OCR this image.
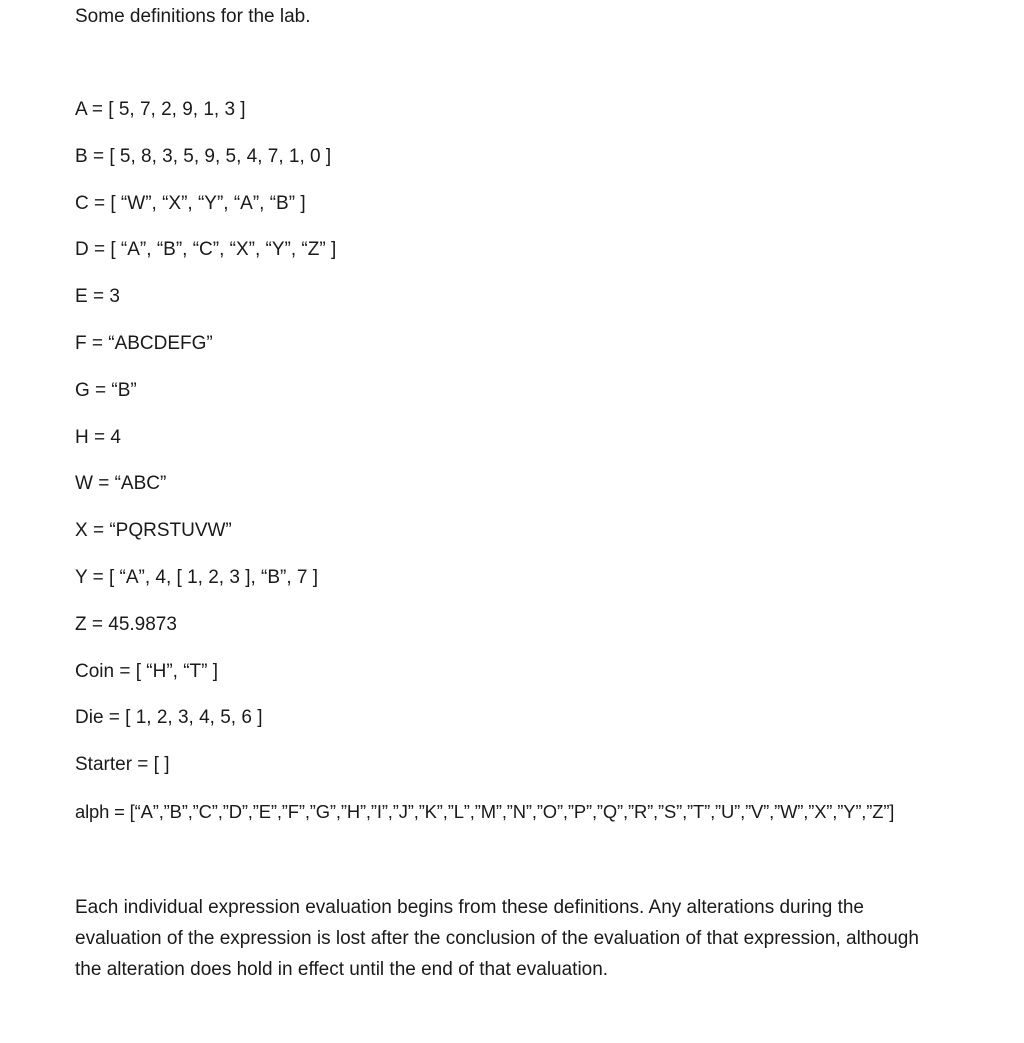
Some definitions for the lab.
A = [ 5, 7, 2, 9, 1, 3 ]
B = [ 5, 8, 3, 5, 9, 5, 4, 7, 1, 0 ]
C = [ “W”, “X”, “Y”, “A”, “B” ]
D = [ “A”, “B”, “C”, “X”, “Y”, “Z” ]
E = 3
F = “ABCDEFG”
G = “B”
H = 4
W = “ABC”
X = “PQRSTUVW”
Y = [ “A”, 4, [ 1, 2, 3 ], “B”, 7 ]
Z = 45.9873
Coin = [ “H”, “T” ]
Die = [ 1, 2, 3, 4, 5, 6 ]
Starter = [ ]
alph = [“A”,”B”,”C”,”D”,”E”,”F”,”G”,”H”,”I”,”J”,”K”,”L”,”M”,”N”,”O”,”P”,”Q”,”R”,”S”,”T”,”U”,”V”,”W”,”X”,”Y”,”Z”]
Each individual expression evaluation begins from these definitions. Any alterations during the
evaluation of the expression is lost after the conclusion of the evaluation of that expression, although
the alteration does hold in effect until the end of that evaluation.
